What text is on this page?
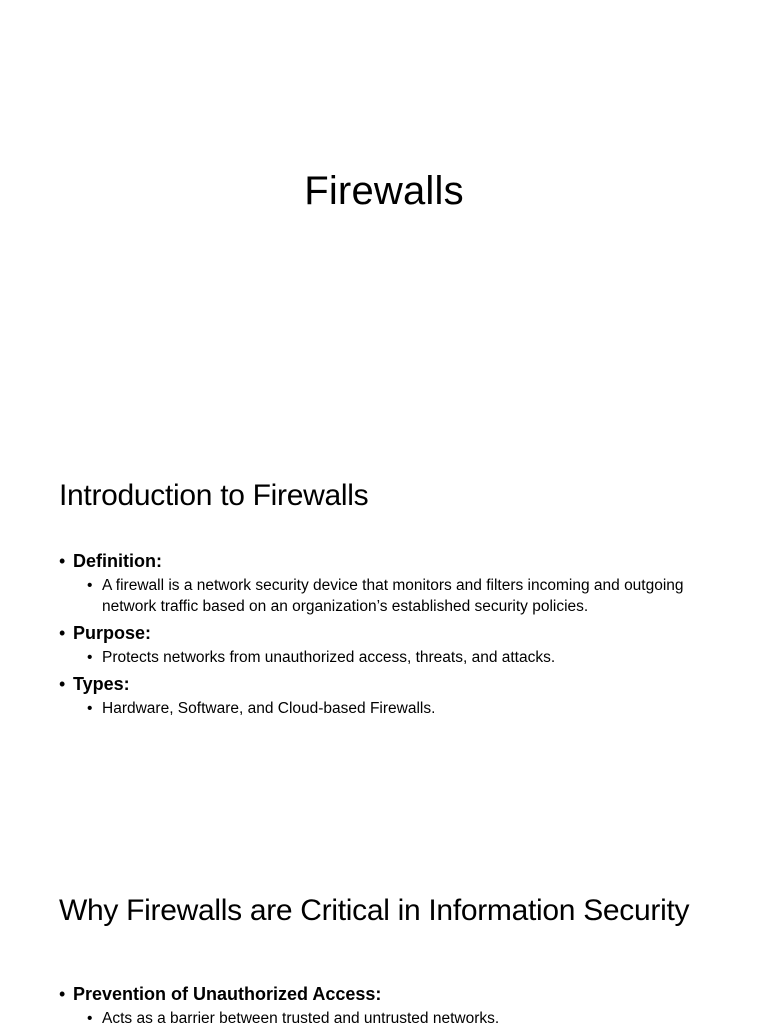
Firewalls
Introduction to Firewalls
• Definition:
• A firewall is a network security device that monitors and filters incoming and outgoing network traffic based on an organization’s established security policies.
• Purpose:
• Protects networks from unauthorized access, threats, and attacks.
• Types:
• Hardware, Software, and Cloud-based Firewalls.
Why Firewalls are Critical in Information Security
• Prevention of Unauthorized Access:
• Acts as a barrier between trusted and untrusted networks.
